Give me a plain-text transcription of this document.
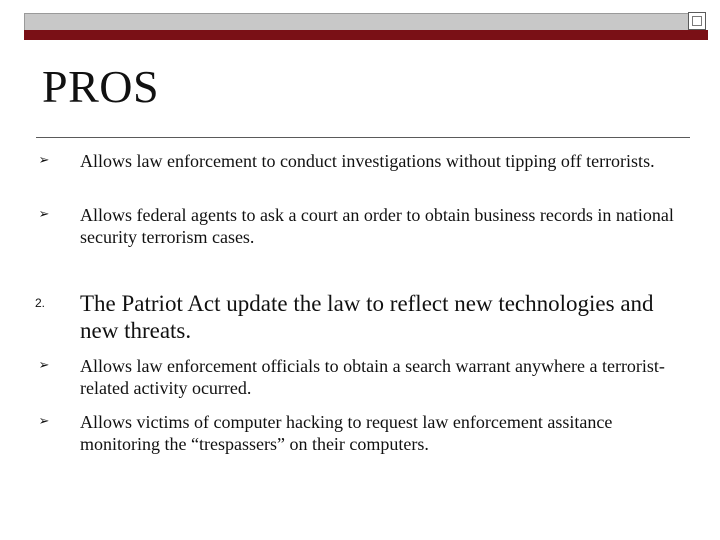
PROS
➢ Allows law enforcement to conduct investigations without tipping off terrorists.
➢ Allows federal agents to ask a court an order to obtain business records in national security terrorism cases.
2.	The Patriot Act update the law to reflect new technologies and new threats.
➢ Allows law enforcement officials to obtain a search warrant anywhere a terrorist-related activity ocurred.
➢ Allows victims of computer hacking to request law enforcement assitance monitoring the “trespassers” on their computers.
